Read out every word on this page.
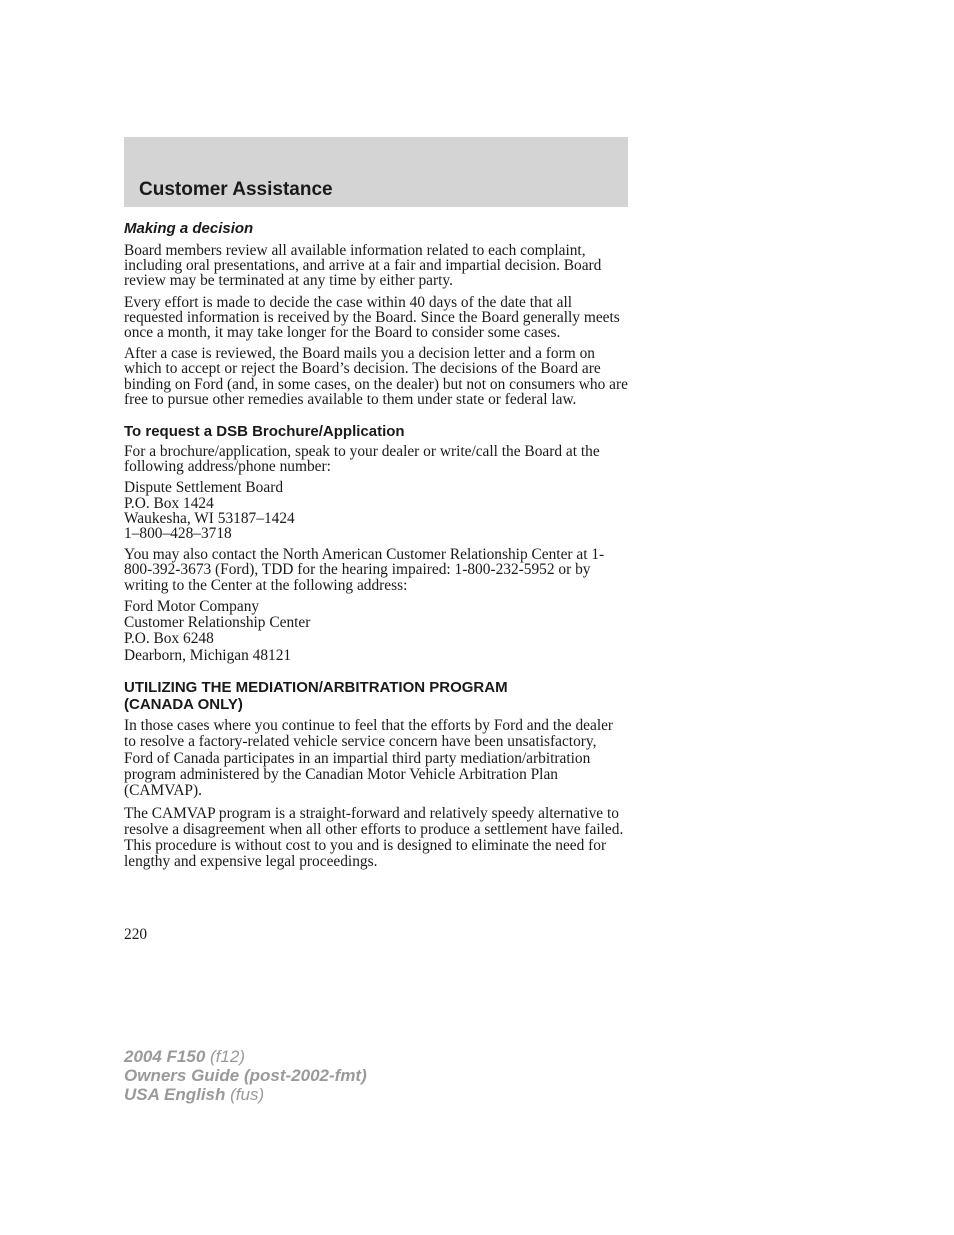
Customer Assistance
Making a decision

Board members review all available information related to each complaint, including oral presentations, and arrive at a fair and impartial decision. Board review may be terminated at any time by either party.

Every effort is made to decide the case within 40 days of the date that all requested information is received by the Board. Since the Board generally meets once a month, it may take longer for the Board to consider some cases.

After a case is reviewed, the Board mails you a decision letter and a form on which to accept or reject the Board’s decision. The decisions of the Board are binding on Ford (and, in some cases, on the dealer) but not on consumers who are free to pursue other remedies available to them under state or federal law.

To request a DSB Brochure/Application

For a brochure/application, speak to your dealer or write/call the Board at the following address/phone number:

Dispute Settlement Board
P.O. Box 1424
Waukesha, WI 53187–1424
1–800–428–3718

You may also contact the North American Customer Relationship Center at 1-800-392-3673 (Ford), TDD for the hearing impaired: 1-800-232-5952 or by writing to the Center at the following address:

Ford Motor Company
Customer Relationship Center
P.O. Box 6248
Dearborn, Michigan 48121
UTILIZING THE MEDIATION/ARBITRATION PROGRAM
(CANADA ONLY)

In those cases where you continue to feel that the efforts by Ford and the dealer to resolve a factory-related vehicle service concern have been unsatisfactory, Ford of Canada participates in an impartial third party mediation/arbitration program administered by the Canadian Motor Vehicle Arbitration Plan (CAMVAP).

The CAMVAP program is a straight-forward and relatively speedy alternative to resolve a disagreement when all other efforts to produce a settlement have failed. This procedure is without cost to you and is designed to eliminate the need for lengthy and expensive legal proceedings.

220

2004 F150 (f12)
Owners Guide (post-2002-fmt)
USA English (fus)
